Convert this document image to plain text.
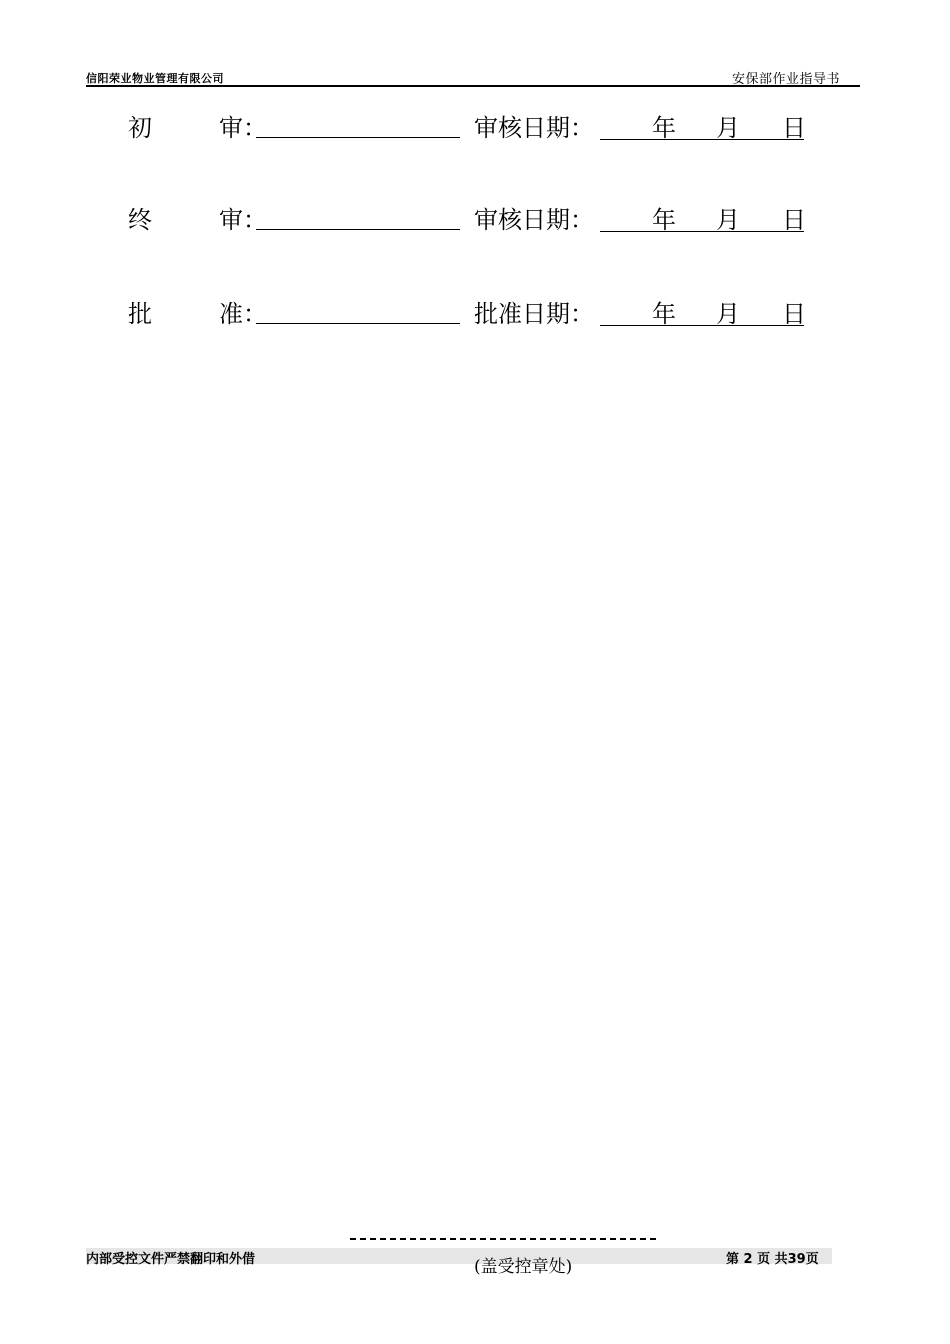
信阳荣业物业管理有限公司	安保部作业指导书
初	审 ：	审核日期： 年 月 日
终	审 ：	审核日期： 年 月 日
批	准 ：	批准日期： 年 月 日
内部受控文件严禁翻印和外借	(盖受控章处)	第 2 页 共39页
